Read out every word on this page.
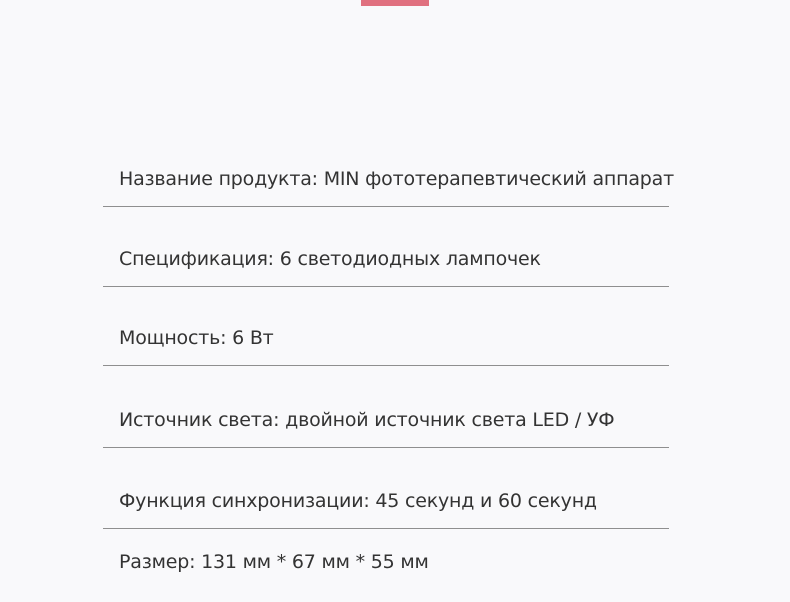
Название продукта: MIN фототерапевтический аппарат
Спецификация: 6 светодиодных лампочек
Мощность: 6 Вт
Источник света: двойной источник света LED / УФ
Функция синхронизации: 45 секунд и 60 секунд
Размер: 131 мм * 67 мм * 55 мм
